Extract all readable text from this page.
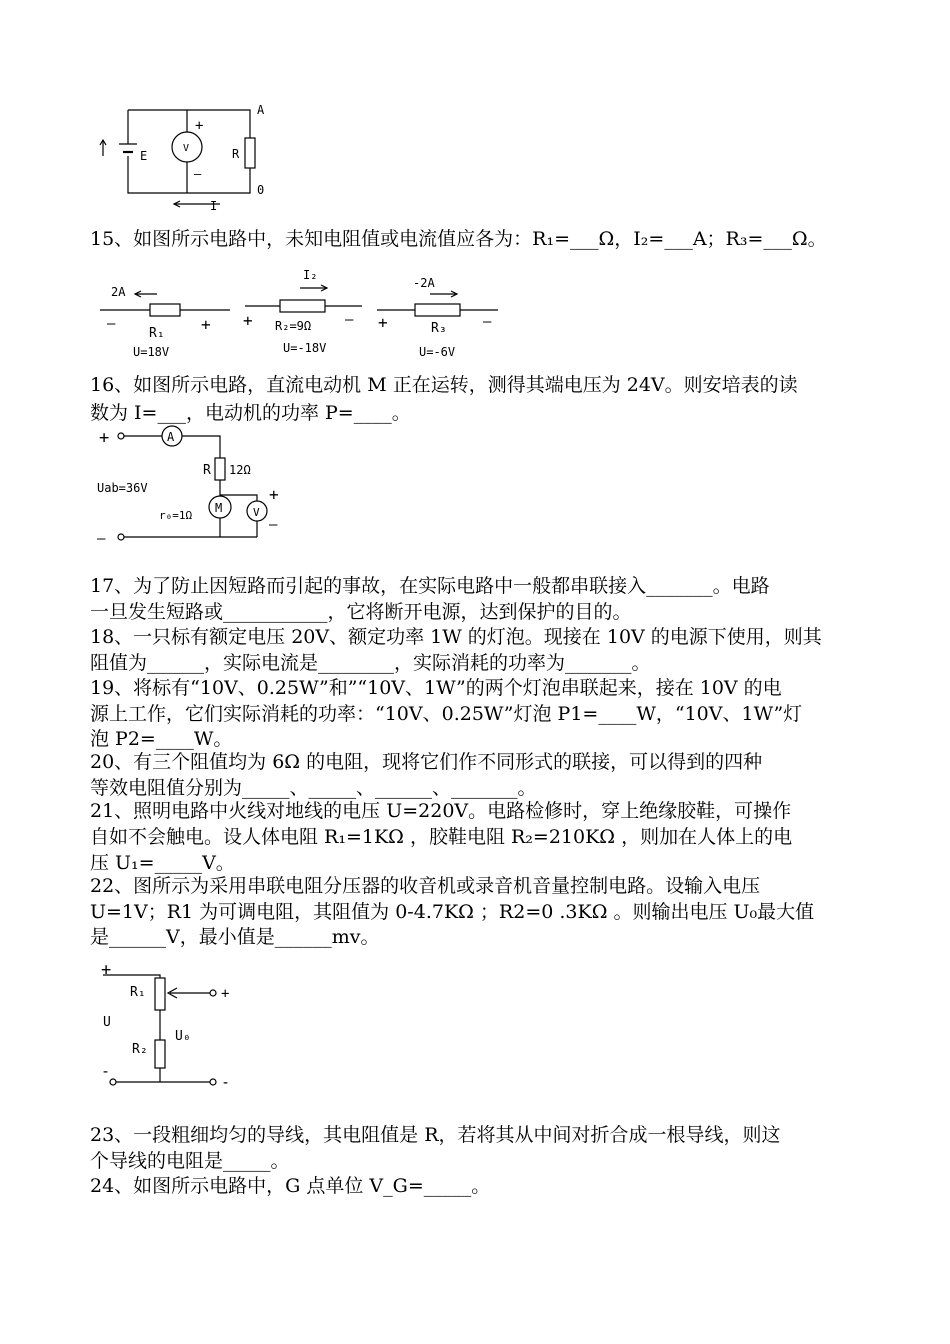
A
0
E	R
I
V
+
—
15、如图所示电路中，未知电阻值或电流值应各为：R₁=___Ω，I₂=___A；R₃=___Ω。
2A
R₁
U=18V
—	+
I₂
R₂=9Ω
U=-18V
+	—
-2A
R₃
U=-6V
+	—
16、如图所示电路，直流电动机 M 正在运转，测得其端电压为 24V。则安培表的读
数为 I=___，电动机的功率 P=____。
+
—
A
R 12Ω
Uab=36V
r₀=1Ω
M	V
+
—
17、为了防止因短路而引起的事故，在实际电路中一般都串联接入_______。电路
一旦发生短路或___________，它将断开电源，达到保护的目的。
18、一只标有额定电压 20V、额定功率 1W 的灯泡。现接在 10V 的电源下使用，则其
阻值为______，实际电流是________，实际消耗的功率为_______。
19、将标有“10V、0.25W”和”“10V、1W”的两个灯泡串联起来，接在 10V 的电
源上工作，它们实际消耗的功率：“10V、0.25W”灯泡 P1=____W，“10V、1W”灯
泡 P2=____W。
20、有三个阻值均为 6Ω 的电阻，现将它们作不同形式的联接，可以得到的四种
等效电阻值分别为_____、_____、______、_______。
21、照明电路中火线对地线的电压 U=220V。电路检修时，穿上绝缘胶鞋，可操作
自如不会触电。设人体电阻 R₁=1KΩ ，胶鞋电阻 R₂=210KΩ ，则加在人体上的电
压 U₁=_____V。
22、图所示为采用串联电阻分压器的收音机或录音机音量控制电路。设输入电压
U=1V；R1 为可调电阻，其阻值为 0-4.7KΩ ；R2=0 .3KΩ 。则输出电压 U₀最大值
是______V，最小值是______mv。
+
R₁	+
U
R₂
U₀
-
-
23、一段粗细均匀的导线，其电阻值是 R，若将其从中间对折合成一根导线，则这
个导线的电阻是_____。
24、如图所示电路中，G 点单位 V_G=_____。
